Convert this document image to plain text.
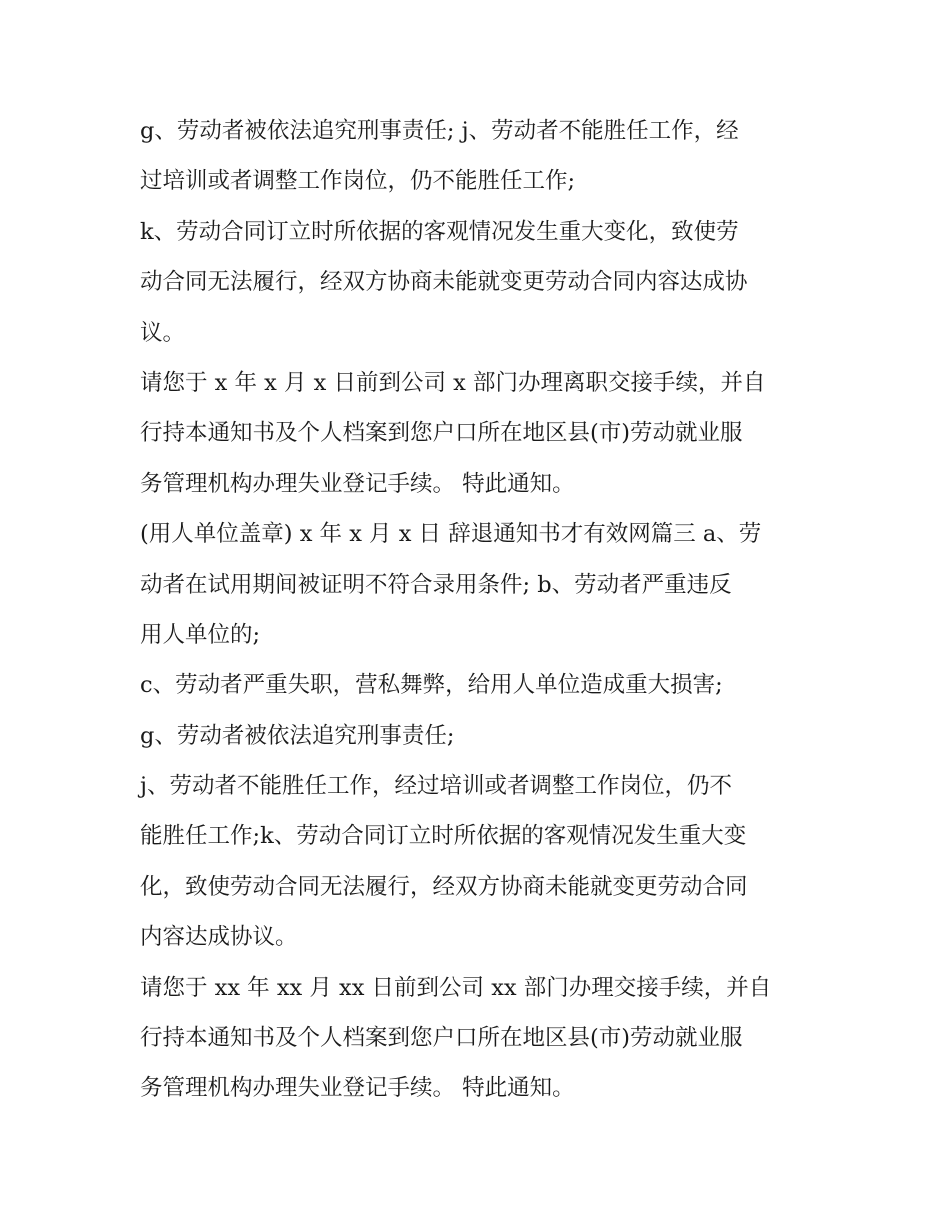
g、劳动者被依法追究刑事责任; j、劳动者不能胜任工作，经
过培训或者调整工作岗位，仍不能胜任工作;

k、劳动合同订立时所依据的客观情况发生重大变化，致使劳
动合同无法履行，经双方协商未能就变更劳动合同内容达成协
议。

请您于 x 年 x 月 x 日前到公司 x 部门办理离职交接手续，并自
行持本通知书及个人档案到您户口所在地区县(市)劳动就业服
务管理机构办理失业登记手续。 特此通知。

(用人单位盖章) x 年 x 月 x 日 辞退通知书才有效网篇三 a、劳
动者在试用期间被证明不符合录用条件; b、劳动者严重违反
用人单位的;

c、劳动者严重失职，营私舞弊，给用人单位造成重大损害;

g、劳动者被依法追究刑事责任;

j、劳动者不能胜任工作，经过培训或者调整工作岗位，仍不
能胜任工作;k、劳动合同订立时所依据的客观情况发生重大变
化，致使劳动合同无法履行，经双方协商未能就变更劳动合同
内容达成协议。

请您于 xx 年 xx 月 xx 日前到公司 xx 部门办理交接手续，并自
行持本通知书及个人档案到您户口所在地区县(市)劳动就业服
务管理机构办理失业登记手续。 特此通知。
